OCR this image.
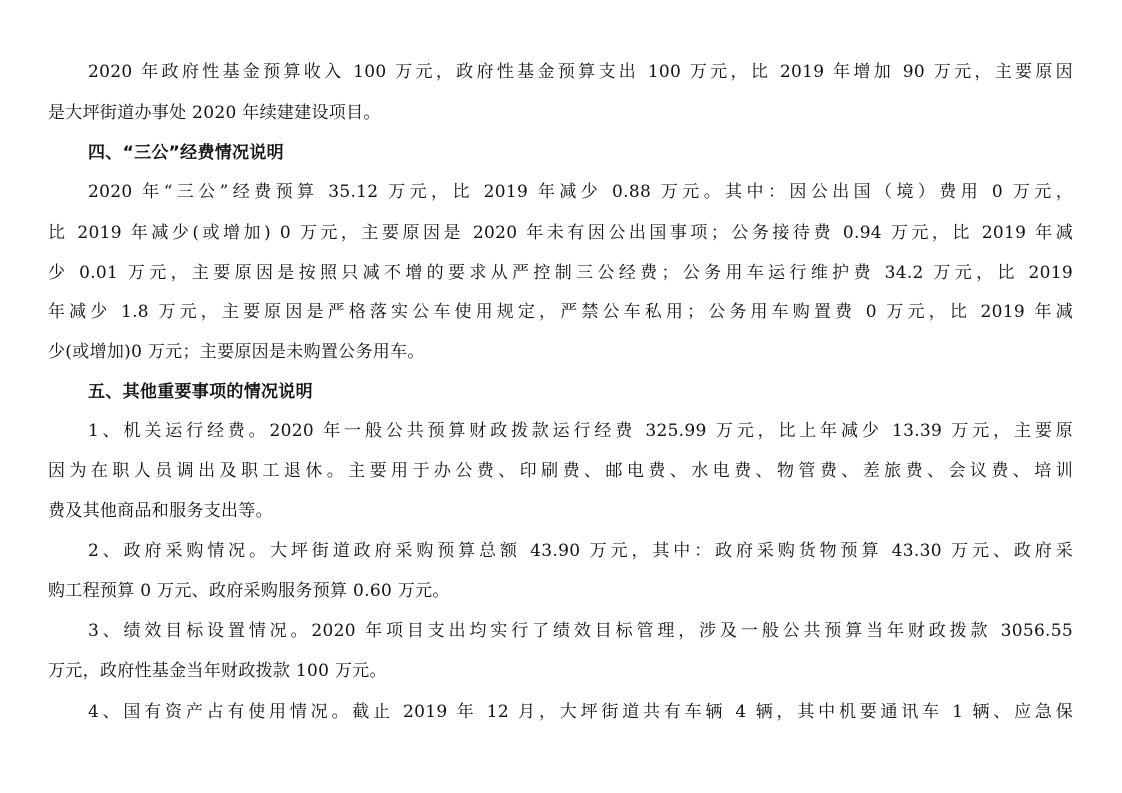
2020 年政府性基金预算收入 100 万元，政府性基金预算支出 100 万元，比 2019 年增加 90 万元，主要原因
是大坪街道办事处 2020 年续建建设项目。
四、“三公”经费情况说明
2020 年“三公”经费预算 35.12 万元，比 2019 年减少 0.88 万元。其中：因公出国（境）费用 0 万元，
比 2019 年减少(或增加) 0 万元，主要原因是 2020 年未有因公出国事项；公务接待费 0.94 万元，比 2019 年减
少 0.01 万元，主要原因是按照只减不增的要求从严控制三公经费；公务用车运行维护费 34.2 万元，比 2019
年减少 1.8 万元，主要原因是严格落实公车使用规定，严禁公车私用；公务用车购置费 0 万元，比 2019 年减
少(或增加)0 万元；主要原因是未购置公务用车。
五、其他重要事项的情况说明
1、机关运行经费。2020 年一般公共预算财政拨款运行经费 325.99 万元，比上年减少 13.39 万元，主要原
因为在职人员调出及职工退休。主要用于办公费、印刷费、邮电费、水电费、物管费、差旅费、会议费、培训
费及其他商品和服务支出等。
2、政府采购情况。大坪街道政府采购预算总额 43.90 万元，其中：政府采购货物预算 43.30 万元、政府采
购工程预算 0 万元、政府采购服务预算 0.60 万元。
3、绩效目标设置情况。2020 年项目支出均实行了绩效目标管理，涉及一般公共预算当年财政拨款 3056.55
万元，政府性基金当年财政拨款 100 万元。
4、国有资产占有使用情况。截止 2019 年 12 月，大坪街道共有车辆 4 辆，其中机要通讯车 1 辆、应急保
